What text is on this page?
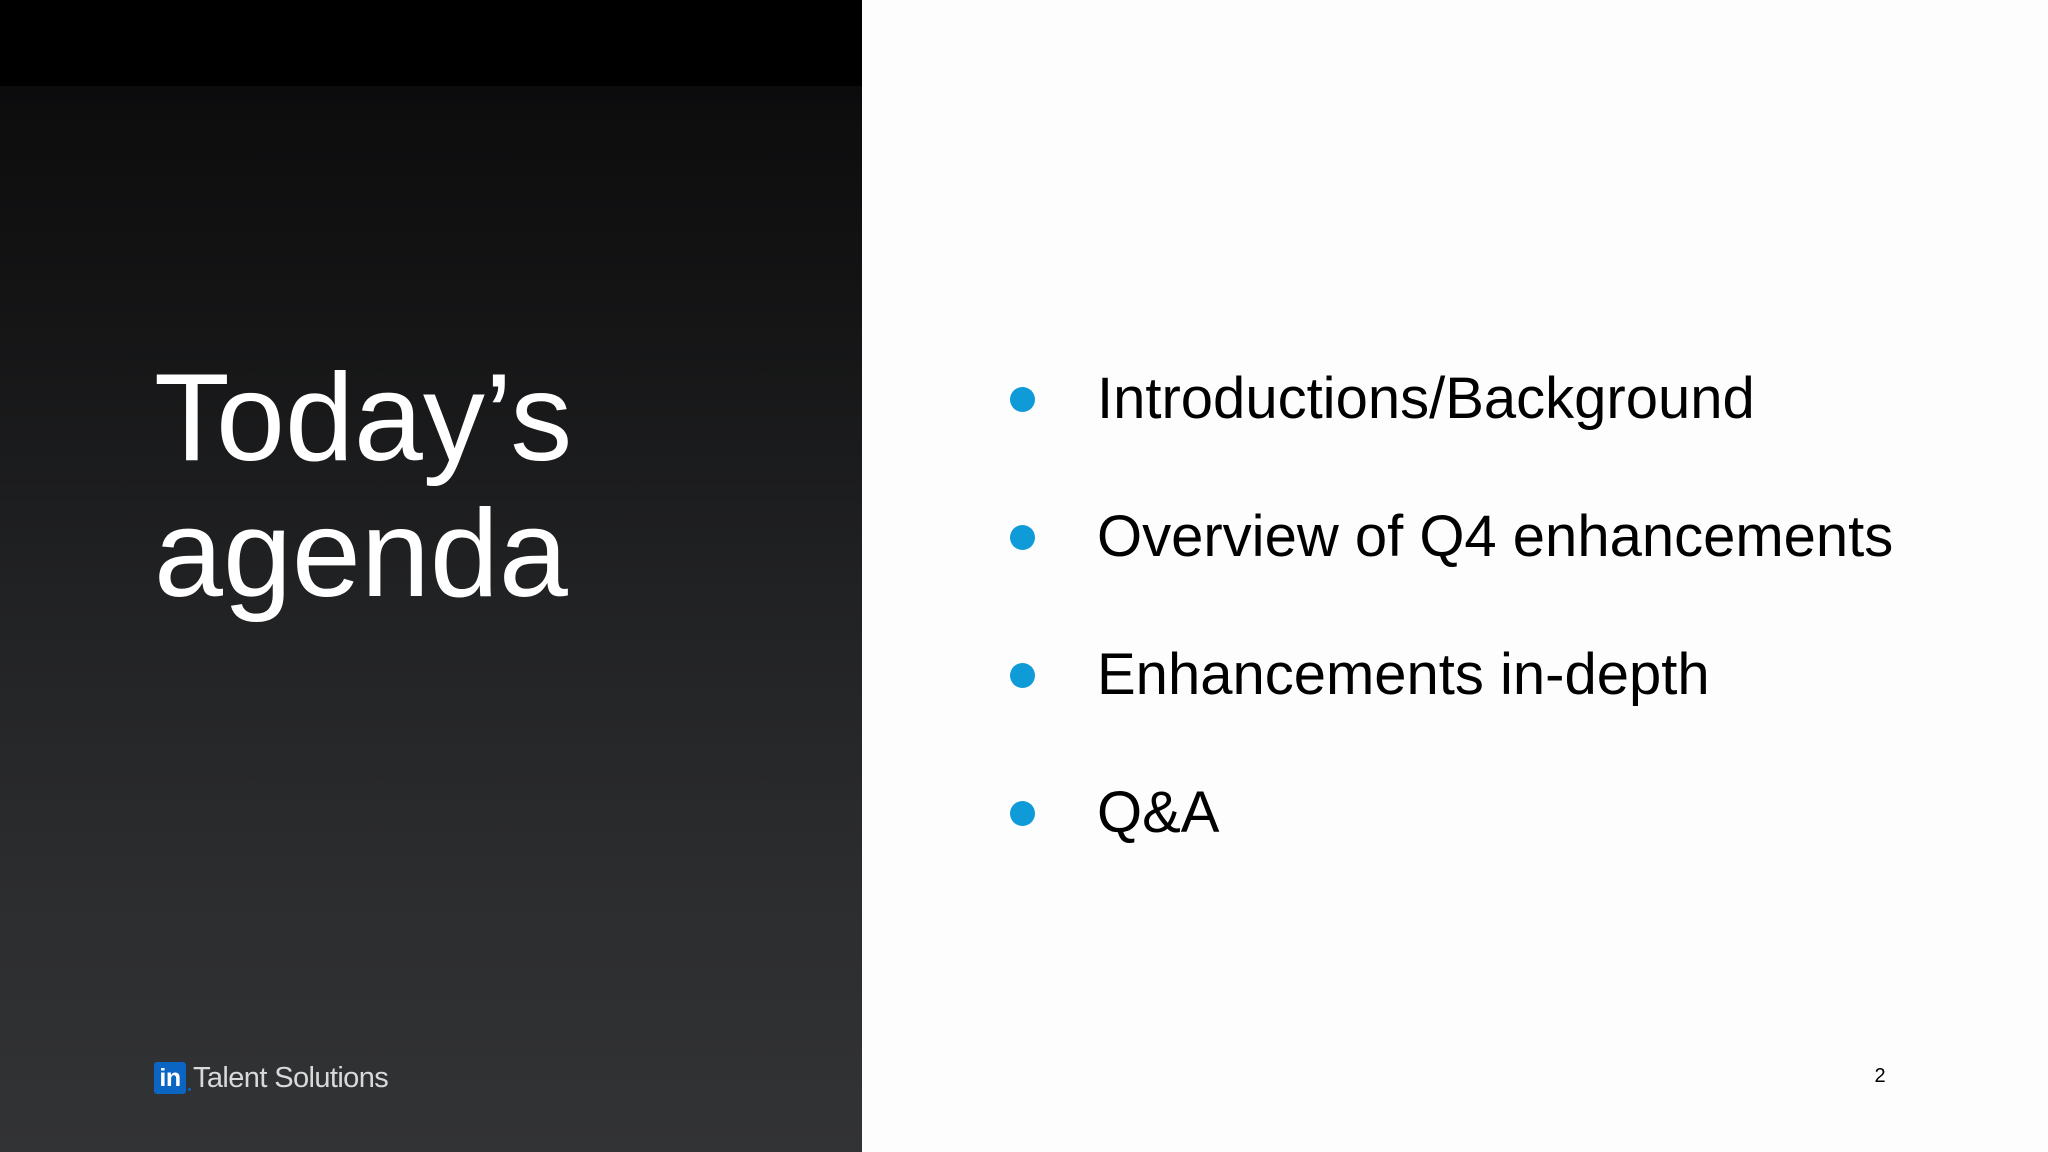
Today’s
agenda
in Talent Solutions
Introductions/Background
Overview of Q4 enhancements
Enhancements in-depth
Q&A
2
